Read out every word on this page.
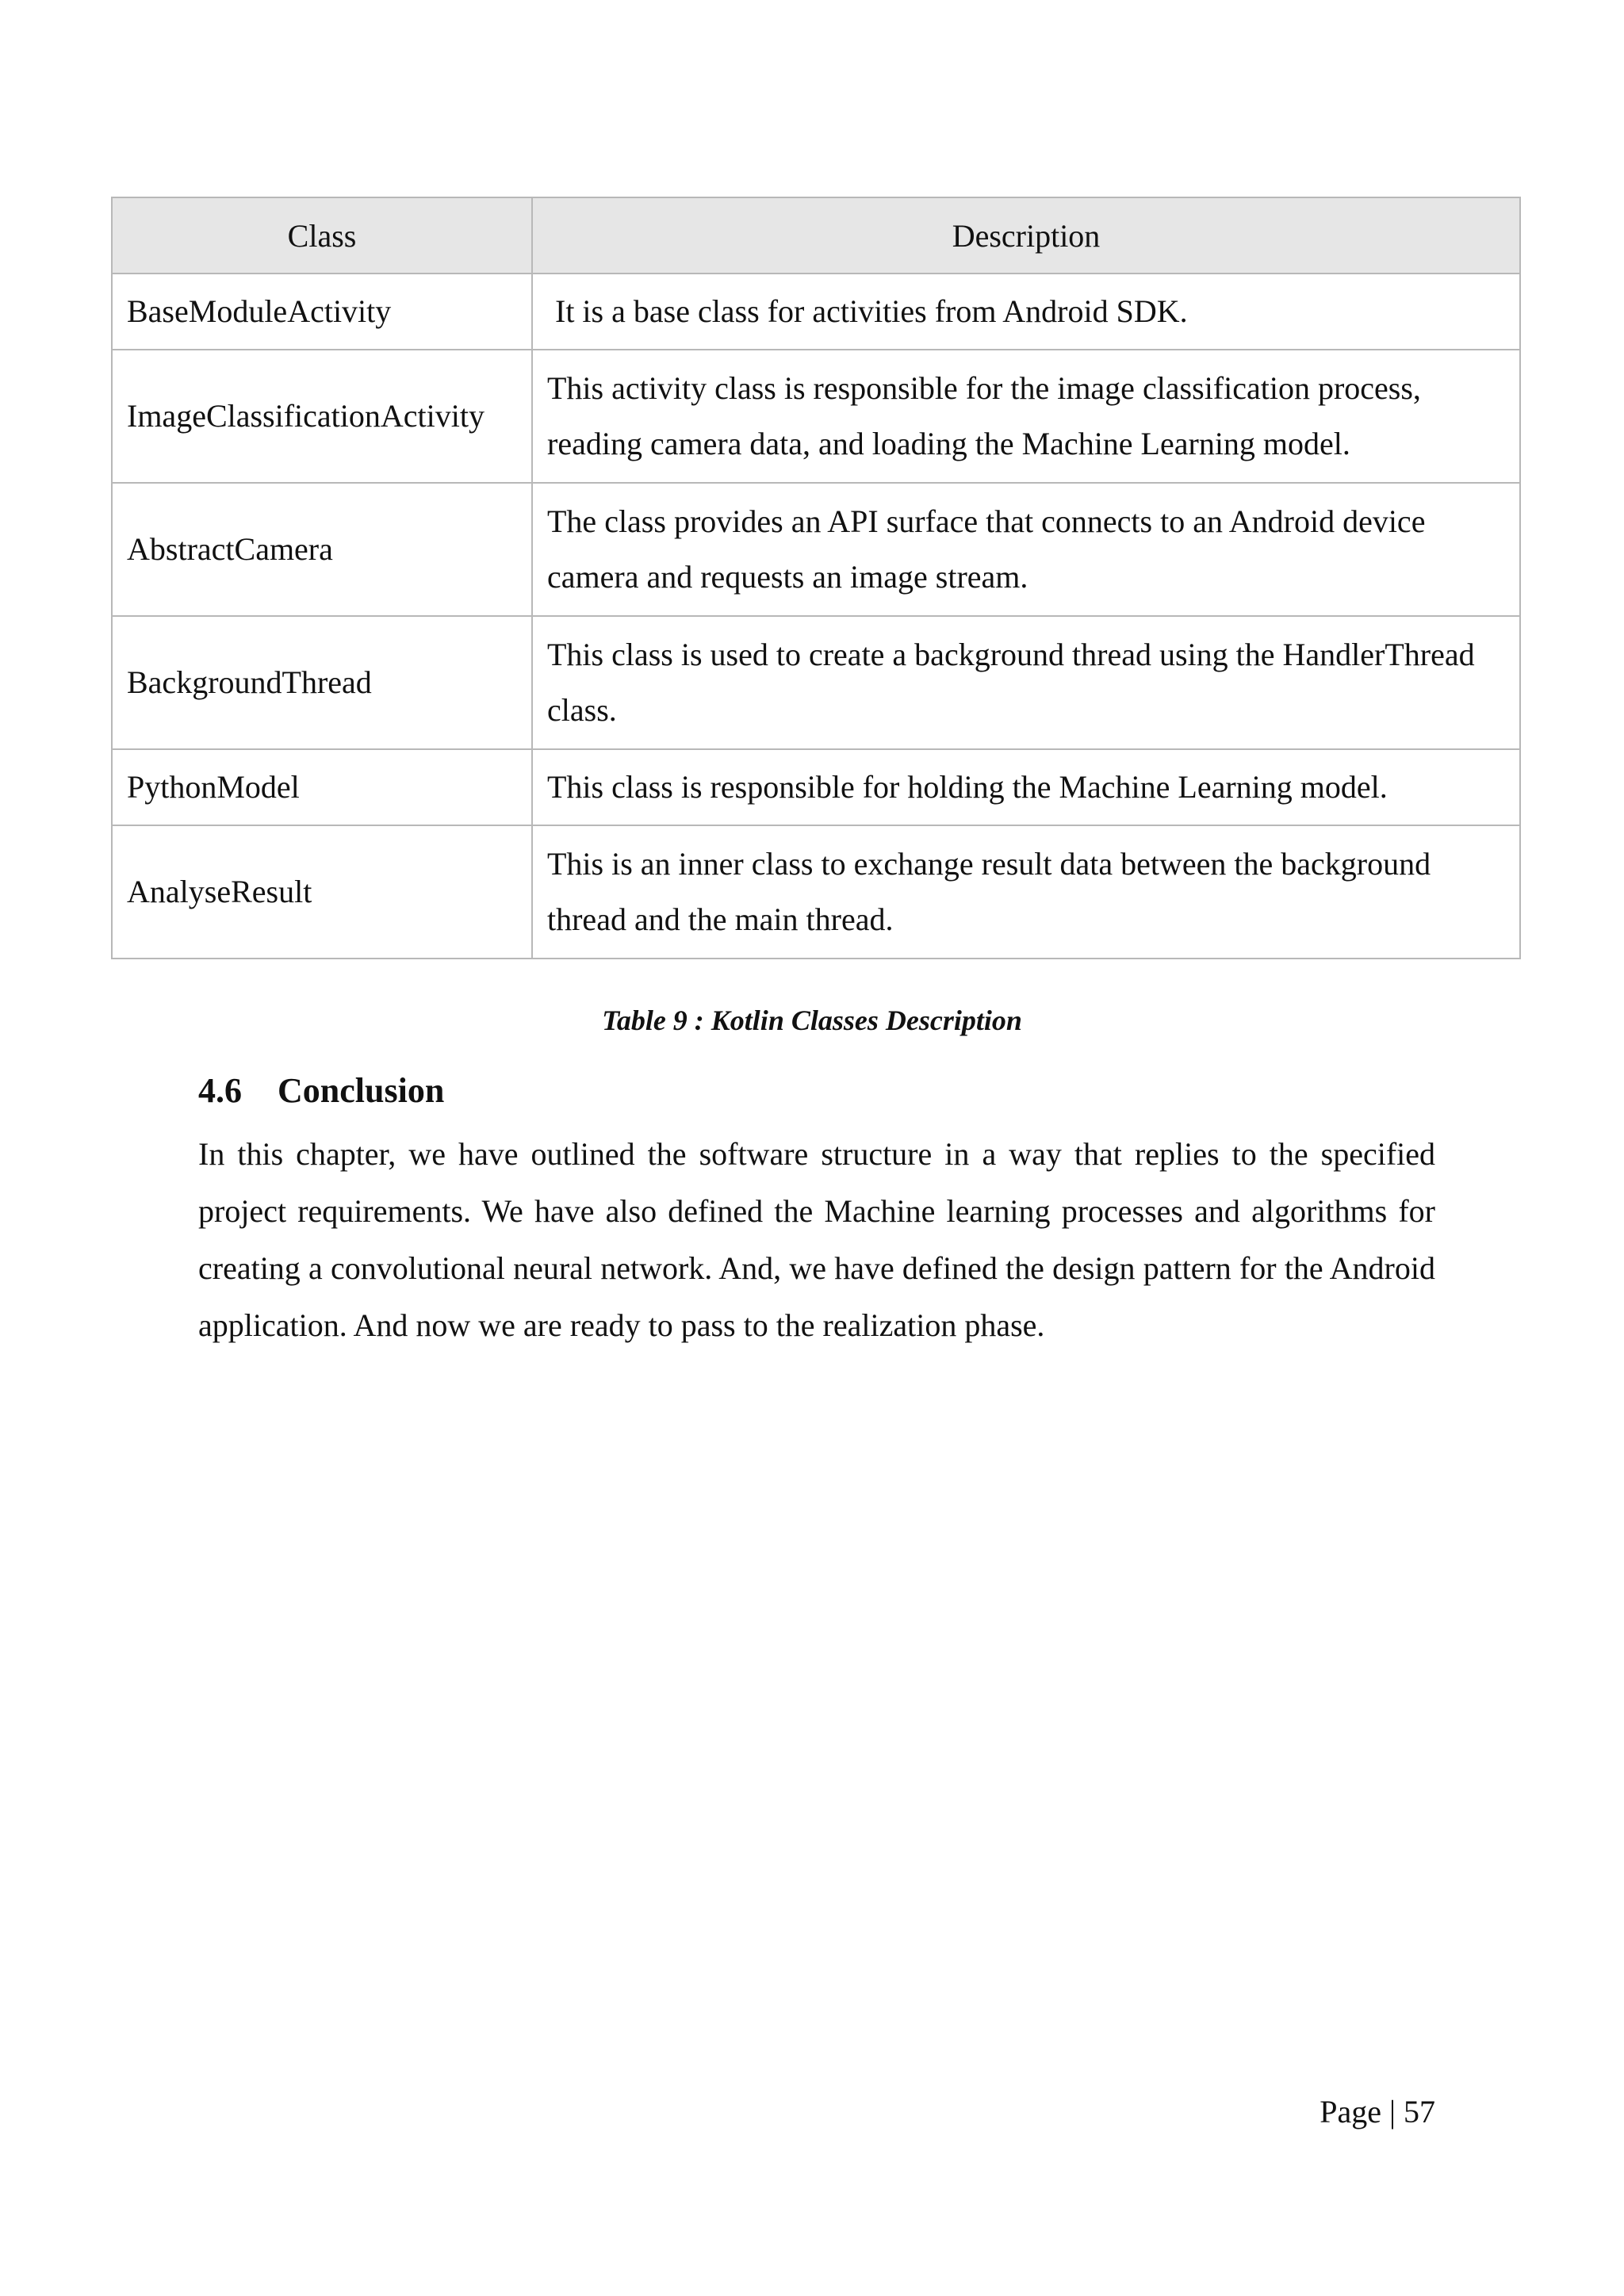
Class	Description
BaseModuleActivity	It is a base class for activities from Android SDK.
ImageClassificationActivity	This activity class is responsible for the image classification process, reading camera data, and loading the Machine Learning model.
AbstractCamera	The class provides an API surface that connects to an Android device camera and requests an image stream.
BackgroundThread	This class is used to create a background thread using the HandlerThread class.
PythonModel	This class is responsible for holding the Machine Learning model.
AnalyseResult	This is an inner class to exchange result data between the background thread and the main thread.
Table 9 : Kotlin Classes Description
4.6 Conclusion

In this chapter, we have outlined the software structure in a way that replies to the specified project requirements. We have also defined the Machine learning processes and algorithms for creating a convolutional neural network. And, we have defined the design pattern for the Android application. And now we are ready to pass to the realization phase.

Page | 57
